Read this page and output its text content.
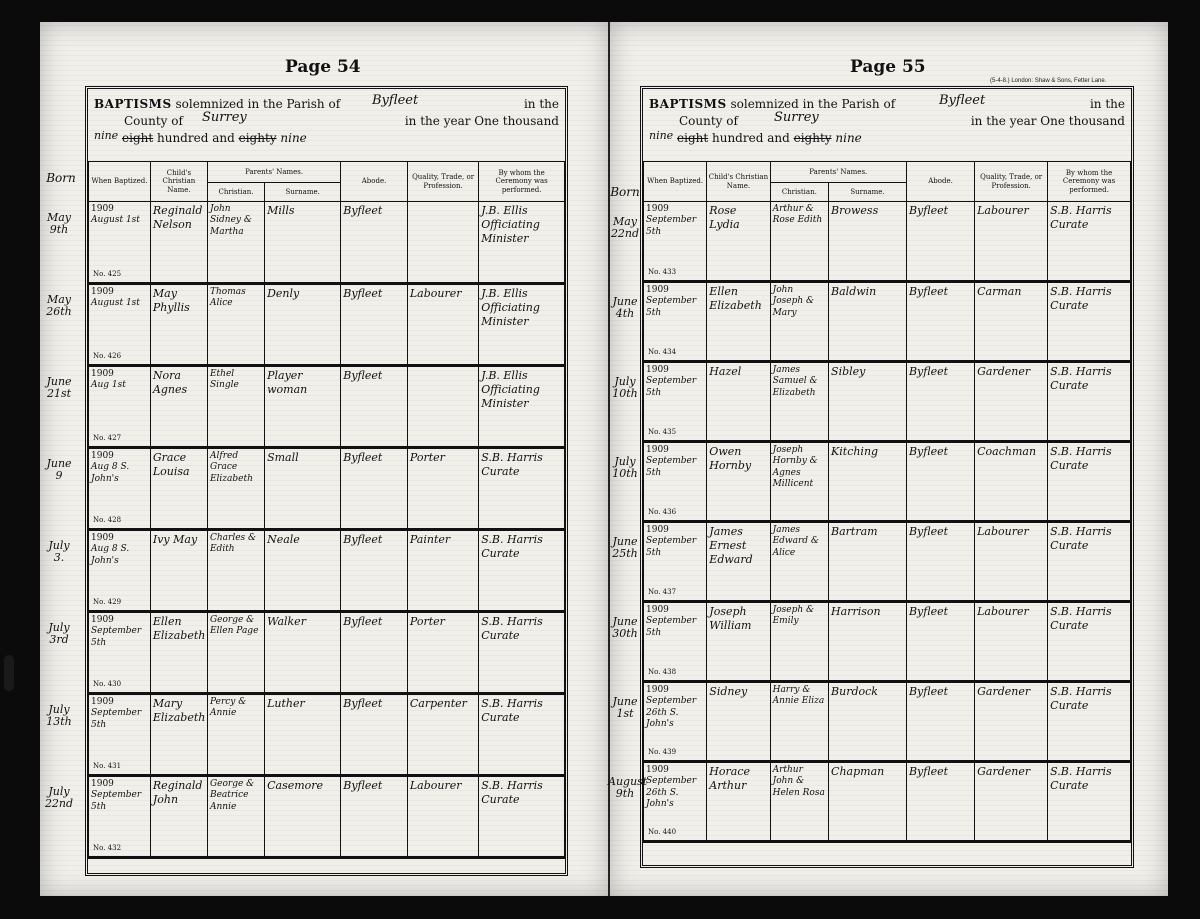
Page 54
Born
May 9th
May 26th
June 21st
June 9
July 3.
July 3rd
July 13th
July 22nd
BAPTISMS solemnized in the Parish of Byfleet	in the
County of Surrey	in the year One thousand
nine eight hundred and eighty nine
When Baptized.	Child's Christian Name.	Parents' Names.		Abode.	Quality, Trade, or Profession.	By whom the Ceremony was performed.
		Christian.	Surname.			

1909
August 1st
No. 425	Reginald Nelson	John Sidney & Martha	Mills	Byfleet		J.B. Ellis Officiating Minister

1909
August 1st
No. 426	May Phyllis	Thomas Alice	Denly	Byfleet	Labourer	J.B. Ellis Officiating Minister

1909
Aug 1st
No. 427	Nora Agnes	Ethel Single	Player woman	Byfleet		J.B. Ellis Officiating Minister

1909
Aug 8 S. John's
No. 428	Grace Louisa	Alfred Grace Elizabeth	Small	Byfleet	Porter	S.B. Harris Curate

1909
Aug 8 S. John's
No. 429	Ivy May	Charles & Edith	Neale	Byfleet	Painter	S.B. Harris Curate

1909
September 5th
No. 430	Ellen Elizabeth	George & Ellen Page	Walker	Byfleet	Porter	S.B. Harris Curate

1909
September 5th
No. 431	Mary Elizabeth	Percy & Annie	Luther	Byfleet	Carpenter	S.B. Harris Curate

1909
September 5th
No. 432	Reginald John	George & Beatrice Annie	Casemore	Byfleet	Labourer	S.B. Harris Curate
Page 55
(5-4-8.) London: Shaw & Sons, Fetter Lane.
Born
May 22nd
June 4th
July 10th
July 10th
June 25th
June 30th
June 1st
August 9th
BAPTISMS solemnized in the Parish of	Byfleet	in the
County of	Surrey	in the year One thousand
nine eight hundred and eighty nine
When Baptized.	Child's Christian Name.	Parents' Names.		Abode.	Quality, Trade, or Profession.	By whom the Ceremony was performed.
		Christian.	Surname.			

1909
September 5th
No. 433	Rose Lydia	Arthur & Rose Edith	Browess	Byfleet	Labourer	S.B. Harris Curate

1909
September 5th
No. 434	Ellen Elizabeth	John Joseph & Mary	Baldwin	Byfleet	Carman	S.B. Harris Curate

1909
September 5th
No. 435	Hazel	James Samuel & Elizabeth	Sibley	Byfleet	Gardener	S.B. Harris Curate

1909
September 5th
No. 436	Owen Hornby	Joseph Hornby & Agnes Millicent	Kitching	Byfleet	Coachman	S.B. Harris Curate

1909
September 5th
No. 437	James Ernest Edward	James Edward & Alice	Bartram	Byfleet	Labourer	S.B. Harris Curate

1909
September 5th
No. 438	Joseph William	Joseph & Emily	Harrison	Byfleet	Labourer	S.B. Harris Curate

1909
September 26th S. John's
No. 439	Sidney	Harry & Annie Eliza	Burdock	Byfleet	Gardener	S.B. Harris Curate

1909
September 26th S. John's
No. 440	Horace Arthur	Arthur John & Helen Rosa	Chapman	Byfleet	Gardener	S.B. Harris Curate
